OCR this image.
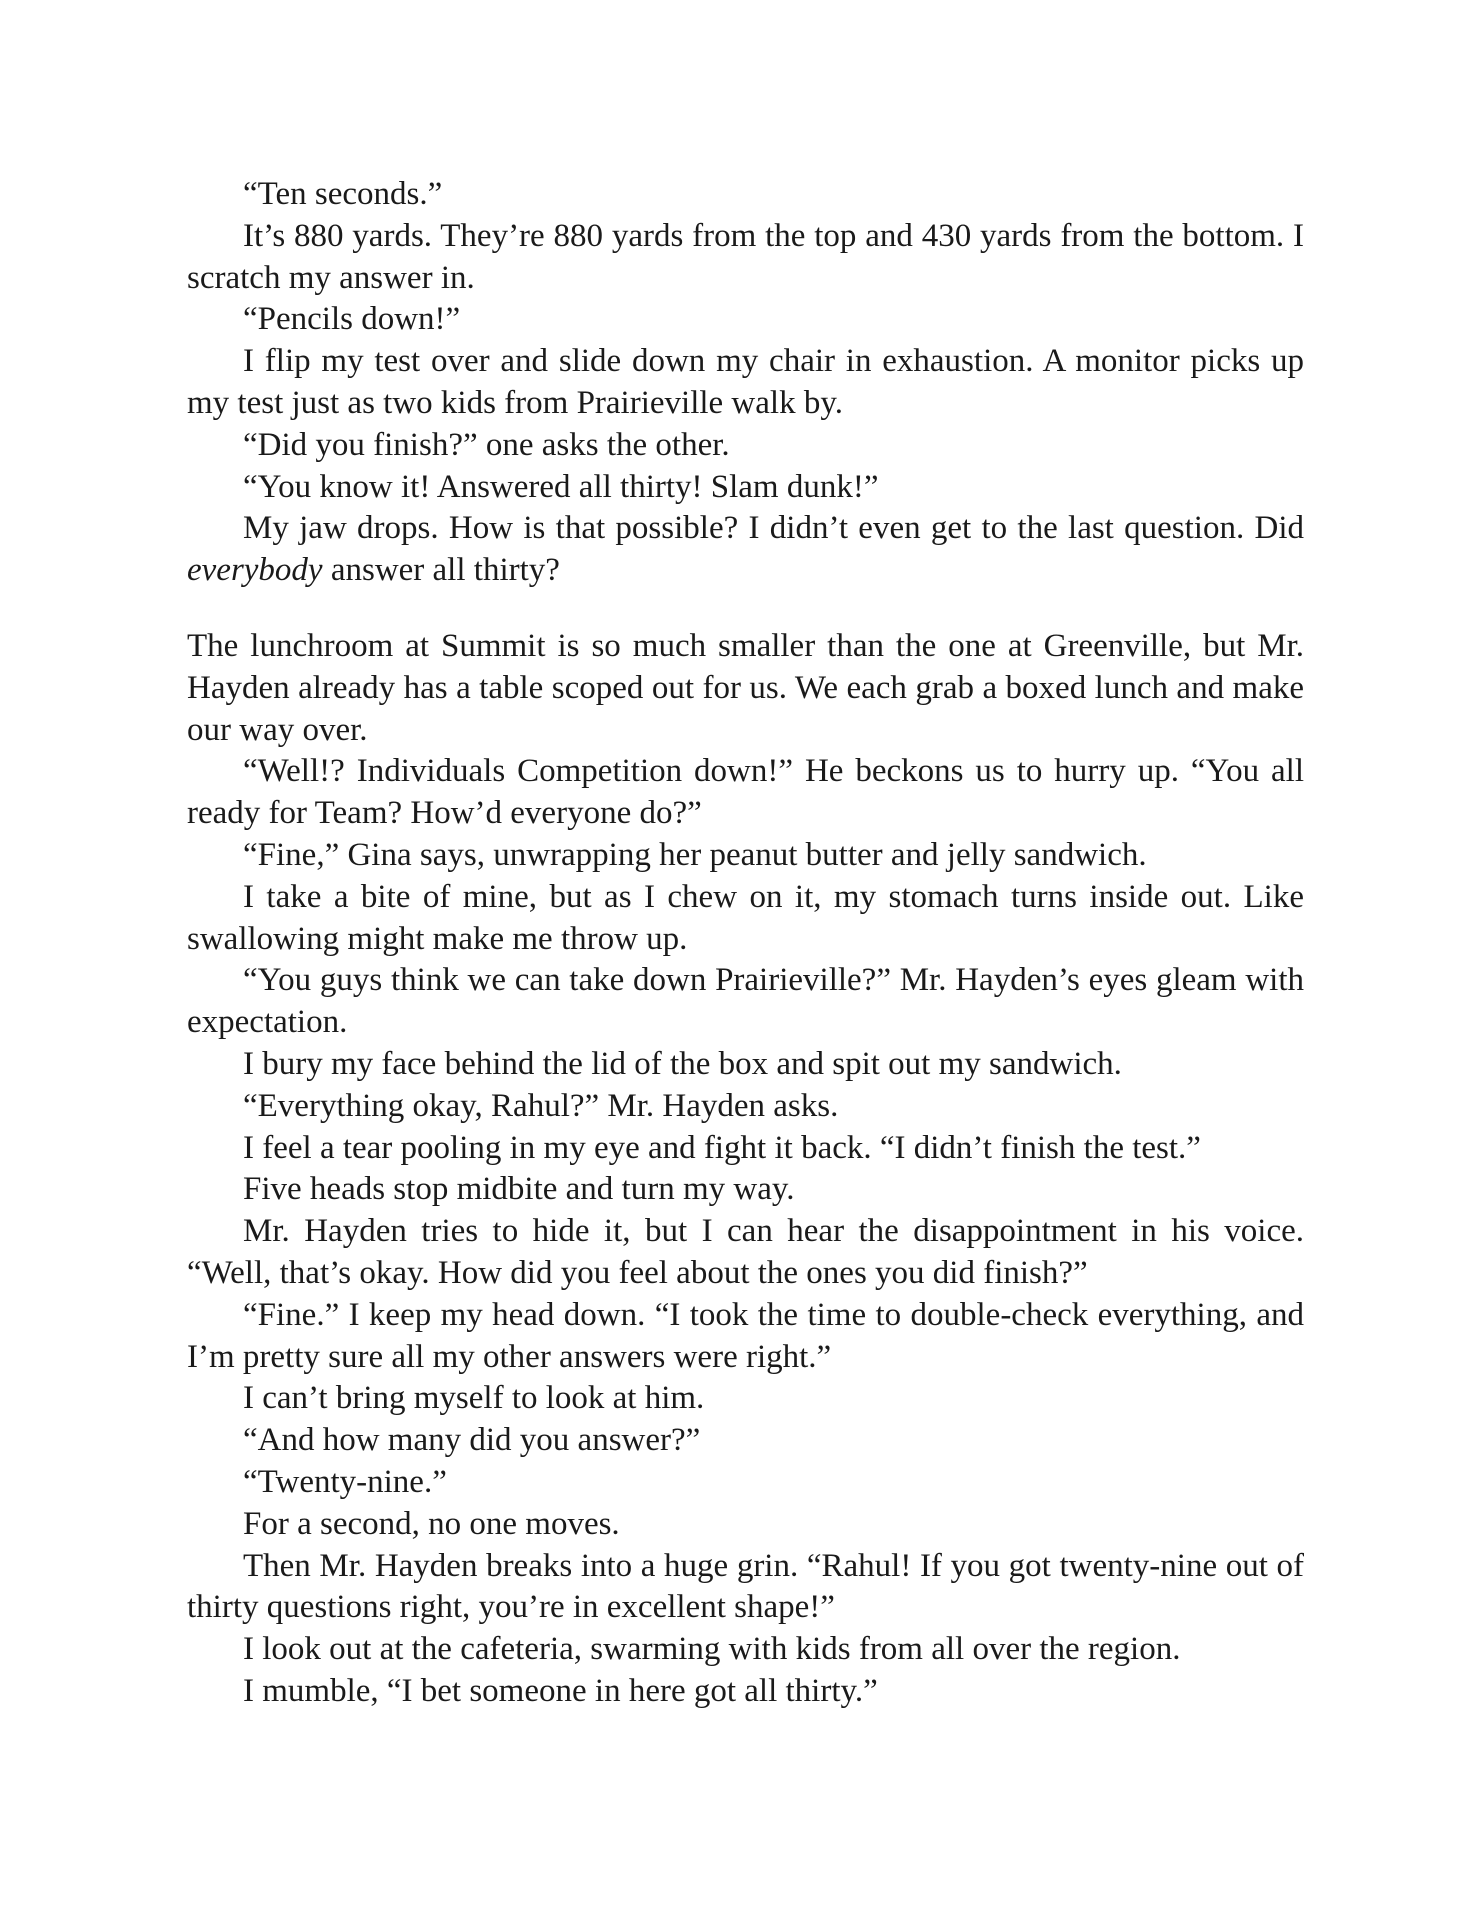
“Ten seconds.”

It’s 880 yards. They’re 880 yards from the top and 430 yards from the bottom. I scratch my answer in.

“Pencils down!”

I flip my test over and slide down my chair in exhaustion. A monitor picks up my test just as two kids from Prairieville walk by.

“Did you finish?” one asks the other.

“You know it! Answered all thirty! Slam dunk!”

My jaw drops. How is that possible? I didn’t even get to the last question. Did everybody answer all thirty?

The lunchroom at Summit is so much smaller than the one at Greenville, but Mr. Hayden already has a table scoped out for us. We each grab a boxed lunch and make our way over.

“Well!? Individuals Competition down!” He beckons us to hurry up. “You all ready for Team? How’d everyone do?”

“Fine,” Gina says, unwrapping her peanut butter and jelly sandwich.

I take a bite of mine, but as I chew on it, my stomach turns inside out. Like swallowing might make me throw up.

“You guys think we can take down Prairieville?” Mr. Hayden’s eyes gleam with expectation.

I bury my face behind the lid of the box and spit out my sandwich.

“Everything okay, Rahul?” Mr. Hayden asks.

I feel a tear pooling in my eye and fight it back. “I didn’t finish the test.”

Five heads stop midbite and turn my way.

Mr. Hayden tries to hide it, but I can hear the disappointment in his voice. “Well, that’s okay. How did you feel about the ones you did finish?”

“Fine.” I keep my head down. “I took the time to double-check everything, and I’m pretty sure all my other answers were right.”

I can’t bring myself to look at him.

“And how many did you answer?”

“Twenty-nine.”

For a second, no one moves.

Then Mr. Hayden breaks into a huge grin. “Rahul! If you got twenty-nine out of thirty questions right, you’re in excellent shape!”

I look out at the cafeteria, swarming with kids from all over the region.

I mumble, “I bet someone in here got all thirty.”
